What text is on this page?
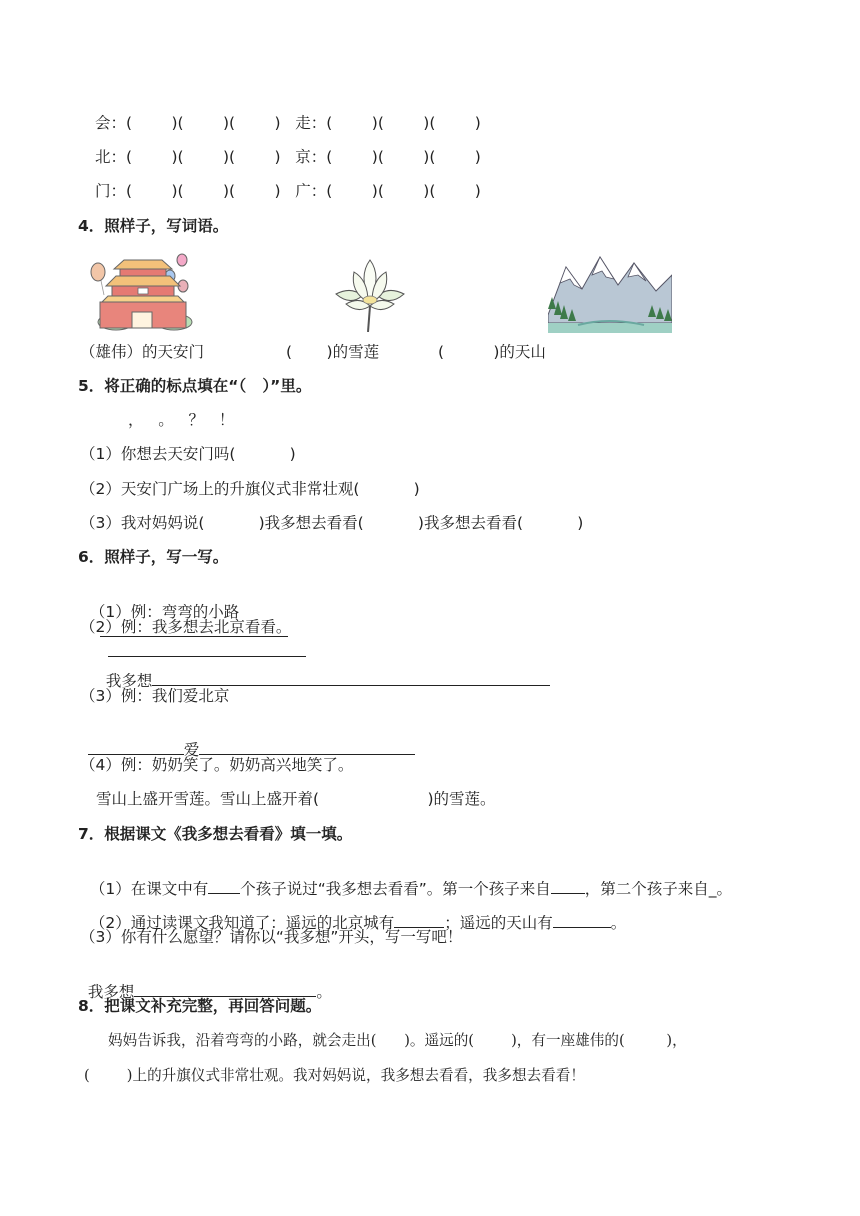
会：(        )(        )(        )   走：(        )(        )(        )
北：(        )(        )(        )   京：(        )(        )(        )
门：(        )(        )(        )   广：(        )(        )(        )
4．照样子，写词语。
（雄伟）的天安门	(       )的雪莲	(          )的天山
5．将正确的标点填在“（   ）”里。
，   。   ？   ！
（1）你想去天安门吗(           )
（2）天安门广场上的升旗仪式非常壮观(           )
（3）我对妈妈说(           )我多想去看看(           )我多想去看看(           )
6．照样子，写一写。

（1）例：弯弯的小路

（2）例：我多想去北京看看。

我多想

（3）例：我们爱北京

爱

（4）例：奶奶笑了。奶奶高兴地笑了。
雪山上盛开雪莲。雪山上盛开着(                      )的雪莲。
7．根据课文《我多想去看看》填一填。

（1）在课文中有 个孩子说过“我多想去看看”。第一个孩子来自 ，第二个孩子来自_。

（2）通过读课文我知道了：遥远的北京城有	；遥远的天山有	。

（3）你有什么愿望？请你以“我多想”开头，写一写吧！

我多想	。

8．把课文补充完整，再回答问题。
妈妈告诉我，沿着弯弯的小路，就会走出(      )。遥远的(        )，有一座雄伟的(         )，
(        )上的升旗仪式非常壮观。我对妈妈说，我多想去看看，我多想去看看！
